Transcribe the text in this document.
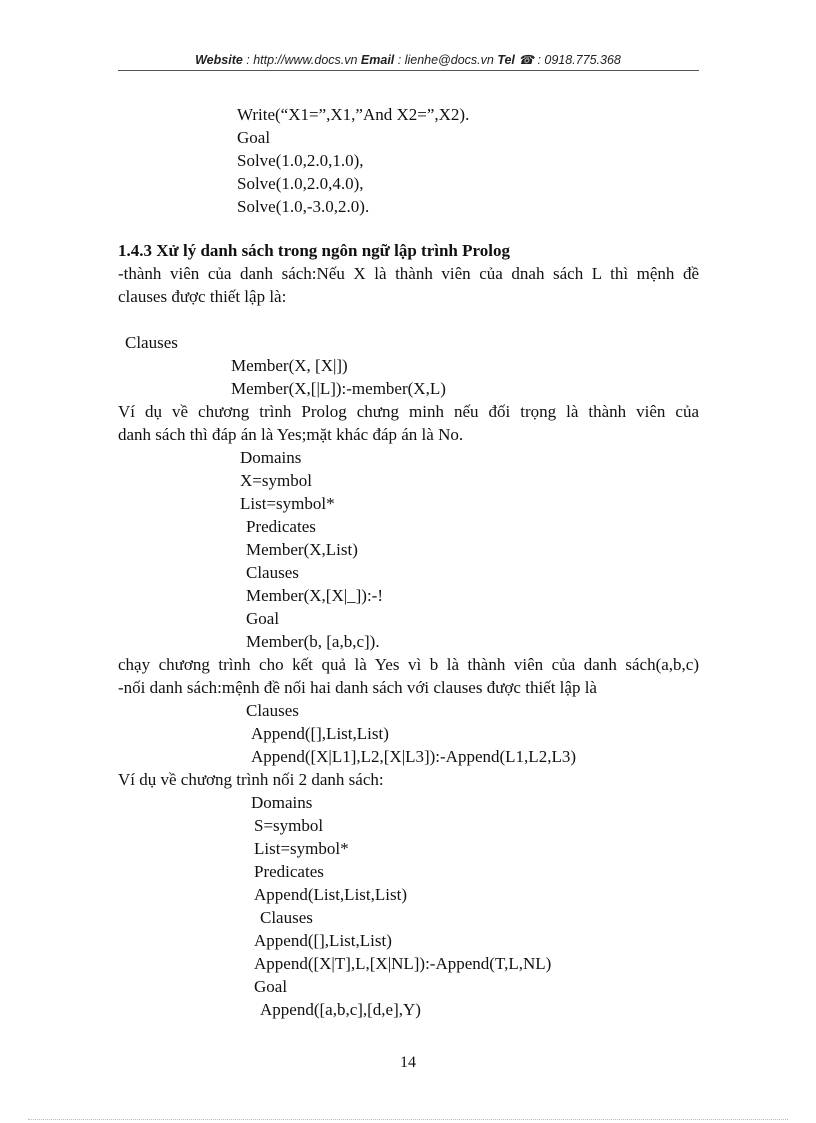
Website : http://www.docs.vn Email : lienhe@docs.vn Tel ☎ : 0918.775.368
Write(“X1=”,X1,”And X2=”,X2).
Goal
Solve(1.0,2.0,1.0),
Solve(1.0,2.0,4.0),
Solve(1.0,-3.0,2.0).
1.4.3 Xử lý danh sách trong ngôn ngữ lập trình Prolog
-thành viên của danh sách:Nếu X là thành viên của dnah sách L thì mệnh đề
clauses được thiết lập là:
Clauses
Member(X, [X|])
Member(X,[|L]):-member(X,L)
Ví dụ về chương trình Prolog chưng minh nếu đối trọng là thành viên của
danh sách thì đáp án là Yes;mặt khác đáp án là No.
Domains
X=symbol
List=symbol*
Predicates
Member(X,List)
Clauses
Member(X,[X|_]):-!
Goal
Member(b, [a,b,c]).
chạy chương trình cho kết quả là Yes vì b là thành viên của danh sách(a,b,c)
-nối danh sách:mệnh đề nối hai danh sách với clauses được thiết lập là
Clauses
Append([],List,List)
Append([X|L1],L2,[X|L3]):-Append(L1,L2,L3)
Ví dụ về chương trình nối 2 danh sách:
Domains
S=symbol
List=symbol*
Predicates
Append(List,List,List)
Clauses
Append([],List,List)
Append([X|T],L,[X|NL]):-Append(T,L,NL)
Goal
Append([a,b,c],[d,e],Y)
14
